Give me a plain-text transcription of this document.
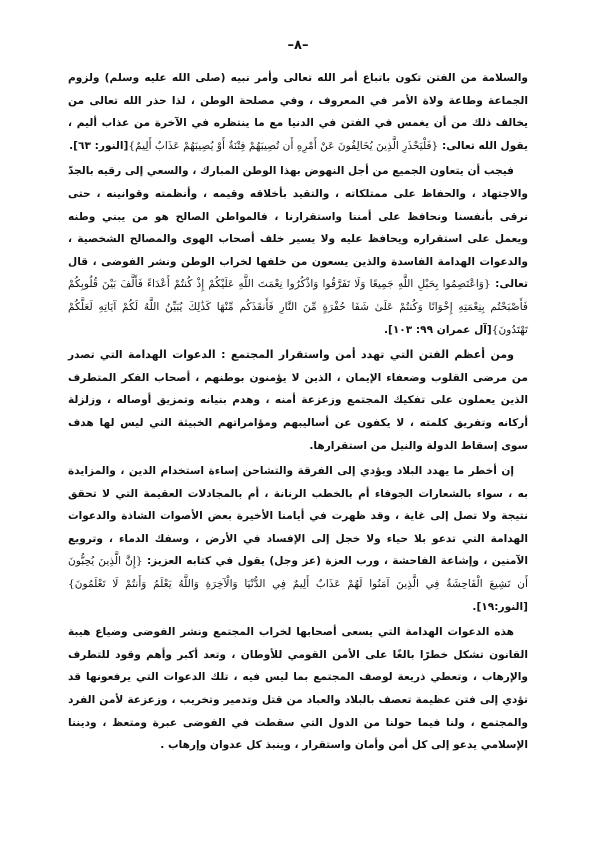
–٨–

والسلامة من الفتن تكون باتباع أمر الله تعالى وأمر نبيه (صلى الله عليه وسلم) ولزوم الجماعة وطاعة ولاة الأمر في المعروف ، وفي مصلحة الوطن ، لذا حذر الله تعالى من يخالف ذلك من أن يغمس في الفتن في الدنيا مع ما ينتظره في الآخرة من عذاب أليم ، يقول الله تعالى: {فَلْيَحْذَرِ الَّذِينَ يُخَالِفُونَ عَنْ أَمْرِهِ أَن تُصِيبَهُمْ فِتْنَةٌ أَوْ يُصِيبَهُمْ عَذَابٌ أَلِيمٌ}[النور: ٦٣].

فيجب أن يتعاون الجميع من أجل النهوض بهذا الوطن المبارك ، والسعي إلى رقيه بالجدّ والاجتهاد ، والحفاظ على ممتلكاته ، والتقيد بأخلاقه وقيمه ، وأنظمته وقوانينه ، حتى نرقى بأنفسنا ونحافظ على أمننا واستقرارنا ، فالمواطن الصالح هو من يبني وطنه ويعمل على استقراره ويحافظ عليه ولا يسير خلف أصحاب الهوى والمصالح الشخصية ، والدعوات الهدامة الفاسدة والذين يسعون من خلفها لخراب الوطن ونشر الفوضى ، قال تعالى: {وَاعْتَصِمُوا بِحَبْلِ اللَّهِ جَمِيعًا وَلَا تَفَرَّقُوا وَاذْكُرُوا نِعْمَتَ اللَّهِ عَلَيْكُمْ إِذْ كُنتُمْ أَعْدَاءً فَأَلَّفَ بَيْنَ قُلُوبِكُمْ فَأَصْبَحْتُم بِنِعْمَتِهِ إِخْوَانًا وَكُنتُمْ عَلَىٰ شَفَا حُفْرَةٍ مِّنَ النَّارِ فَأَنقَذَكُم مِّنْهَا كَذَٰلِكَ يُبَيِّنُ اللَّهُ لَكُمْ آيَاتِهِ لَعَلَّكُمْ تَهْتَدُونَ}[آل عمران ٩٩: ١٠٣].

ومن أعظم الفتن التي تهدد أمن واستقرار المجتمع : الدعوات الهدامة التي تصدر من مرضى القلوب وضعفاء الإيمان ، الذين لا يؤمنون بوطنهم ، أصحاب الفكر المتطرف الذين يعملون على تفكيك المجتمع وزعزعة أمنه ، وهدم بنيانه وتمزيق أوصاله ، وزلزلة أركانه وتفريق كلمته ، لا يكفون عن أساليبهم ومؤامراتهم الخبيثة التي ليس لها هدف سوى إسقاط الدولة والنيل من استقرارها.

إن أخطر ما يهدد البلاد ويؤدي إلى الفرقة والتشاحن إساءة استخدام الدين ، والمزايدة به ، سواء بالشعارات الجوفاء أم بالخطب الرنانة ، أم بالمجادلات العقيمة التي لا تحقق نتيجة ولا تصل إلى غاية ، وقد ظهرت في أيامنا الأخيرة بعض الأصوات الشاذة والدعوات الهدامة التي تدعو بلا حياء ولا خجل إلى الإفساد في الأرض ، وسفك الدماء ، وترويع الآمنين ، وإشاعة الفاحشة ، ورب العزة (عز وجل) يقول في كتابه العزيز: {إِنَّ الَّذِينَ يُحِبُّونَ أَن تَشِيعَ الْفَاحِشَةُ فِي الَّذِينَ آمَنُوا لَهُمْ عَذَابٌ أَلِيمٌ فِي الدُّنْيَا وَالْآخِرَةِ وَاللَّهُ يَعْلَمُ وَأَنتُمْ لَا تَعْلَمُونَ}[النور:١٩].

هذه الدعوات الهدامة التي يسعى أصحابها لخراب المجتمع ونشر الفوضى وضياع هيبة القانون تشكل خطرًا بالغًا على الأمن القومي للأوطان ، وتعد أكبر وأهم وقود للتطرف والإرهاب ، وتعطي ذريعة لوصف المجتمع بما ليس فيه ، تلك الدعوات التي يرفعونها قد تؤدي إلى فتن عظيمة تعصف بالبلاد والعباد من قتل وتدمير وتخريب ، وزعزعة لأمن الفرد والمجتمع ، ولنا فيما حولنا من الدول التي سقطت في الفوضى عبرة ومتعظ ، وديننا الإسلامي يدعو إلى كل أمن وأمان واستقرار ، وينبذ كل عدوان وإرهاب .
